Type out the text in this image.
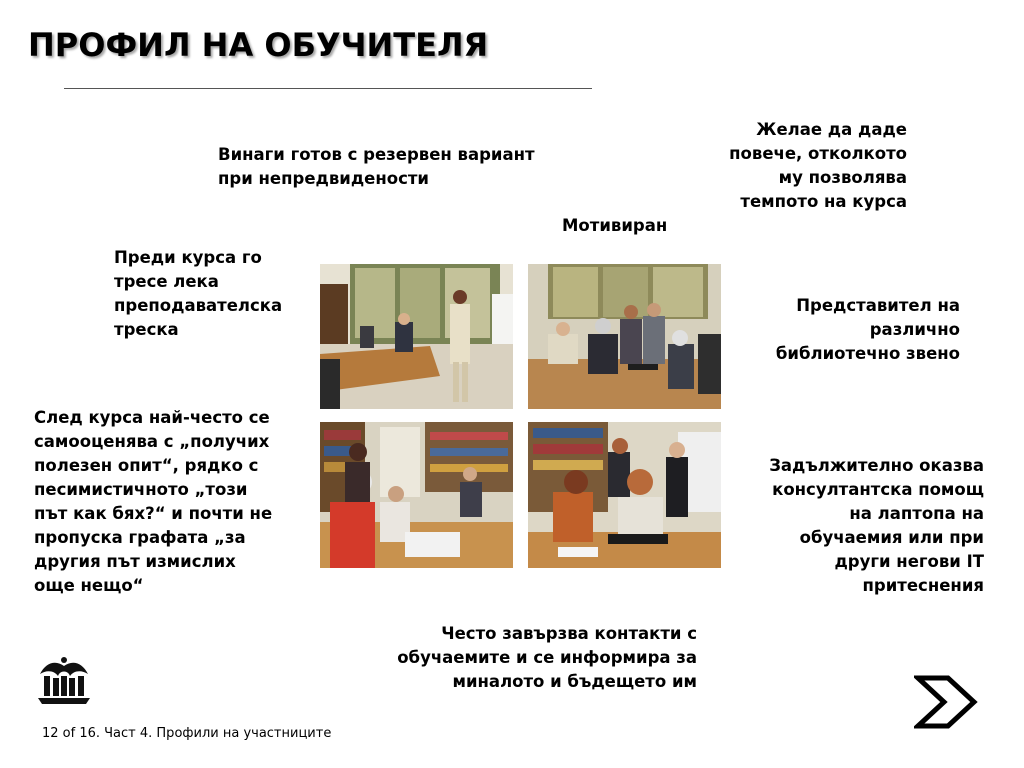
ПРОФИЛ НА ОБУЧИТЕЛЯ
Винаги готов с резервен вариант
при непредвидености
Желае да даде
повече, отколкото
му позволява
темпото на курса
Мотивиран
Преди курса го
тресе лека
преподавателска
треска
Представител на
различно
библиотечно звено
След курса най-често се
самооценява с „получих
полезен опит“, рядко с
песимистичното „този
път как бях?“ и почти не
пропуска графата „за
другия път измислих
още нещо“
Задължително оказва
консултантска помощ
на лаптопа на
обучаемия или при
други негови IT
притеснения
Често завързва контакти с
обучаемите и се информира за
миналото и бъдещето им
12 of 16. Част 4. Профили на участниците
